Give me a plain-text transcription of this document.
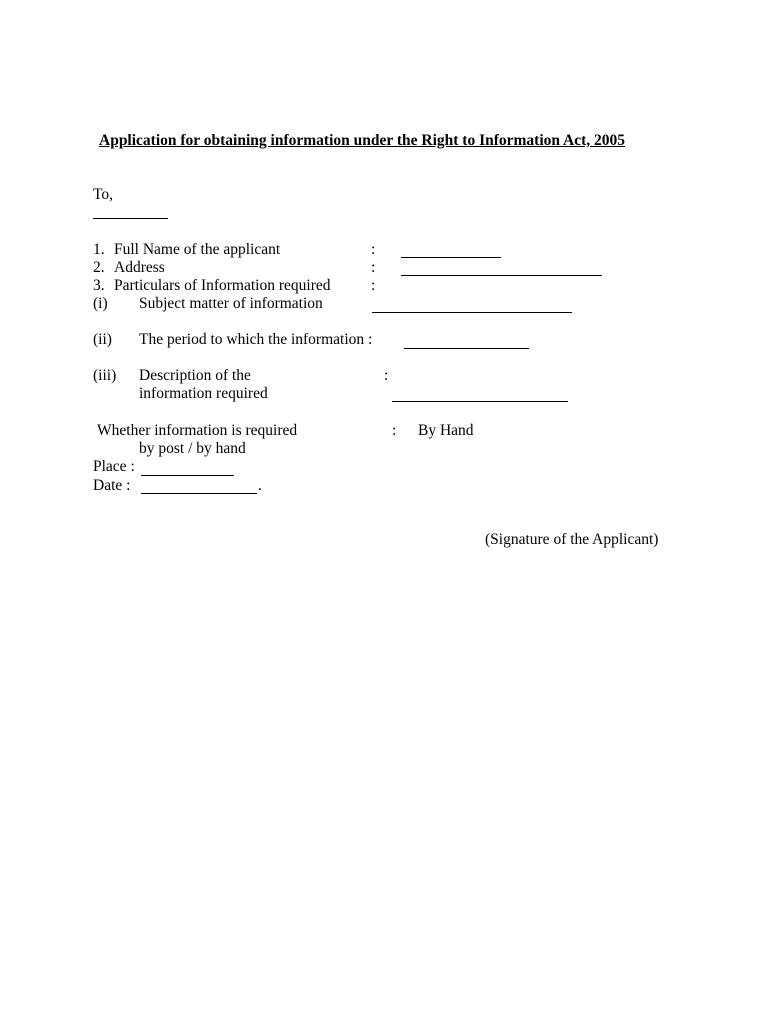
Application for obtaining information under the Right to Information Act, 2005
To,
1. Full Name of the applicant	:
2. Address	:
3. Particulars of Information required	:
(i) Subject matter of information
(ii) The period to which the information :
(iii) Description of the	:
information required
Whether information is required	: By Hand
by post / by hand
Place :
Date :	.
(Signature of the Applicant)
